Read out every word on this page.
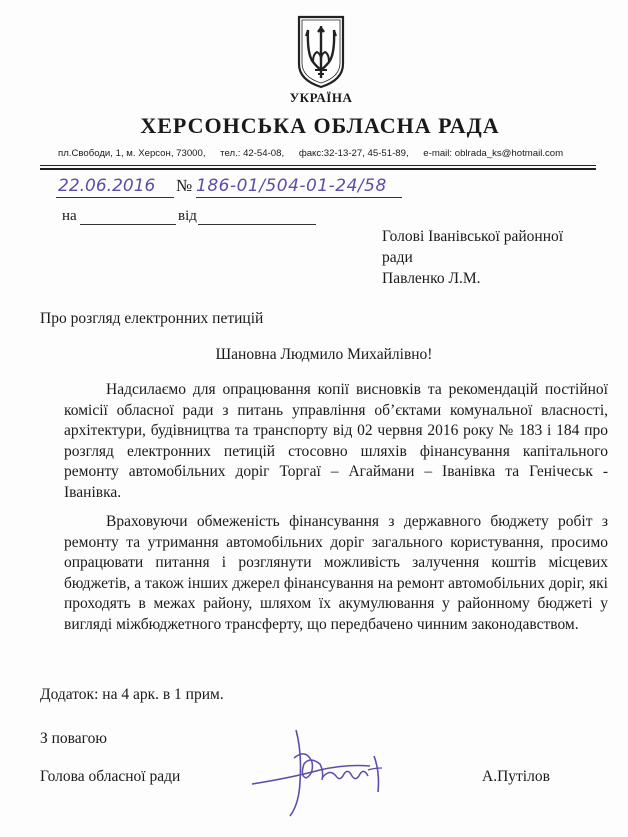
УКРАЇНА
ХЕРСОНСЬКА ОБЛАСНА РАДА
пл.Свободи, 1, м. Херсон, 73000, тел.: 42-54-08, факс:32-13-27, 45-51-89, e-mail: oblrada_ks@hotmail.com
22.06.2016 № 186-01/504-01-24/58
на	від
Голові Іванівської районної
ради
Павленко Л.М.
Про розгляд електронних петицій
Шановна Людмило Михайлівно!
Надсилаємо для опрацювання копії висновків та рекомендацій постійної комісії обласної ради з питань управління об’єктами комунальної власності, архітектури, будівництва та транспорту від 02 червня 2016 року № 183 і 184 про розгляд електронних петицій стосовно шляхів фінансування капітального ремонту автомобільних доріг Торгаї – Агаймани – Іванівка та Генічеськ - Іванівка.
Враховуючи обмеженість фінансування з державного бюджету робіт з ремонту та утримання автомобільних доріг загального користування, просимо опрацювати питання і розглянути можливість залучення коштів місцевих бюджетів, а також інших джерел фінансування на ремонт автомобільних доріг, які проходять в межах району, шляхом їх акумулювання у районному бюджеті у вигляді міжбюджетного трансферту, що передбачено чинним законодавством.
Додаток: на 4 арк. в 1 прим.
З повагою
Голова обласної ради	А.Путілов
